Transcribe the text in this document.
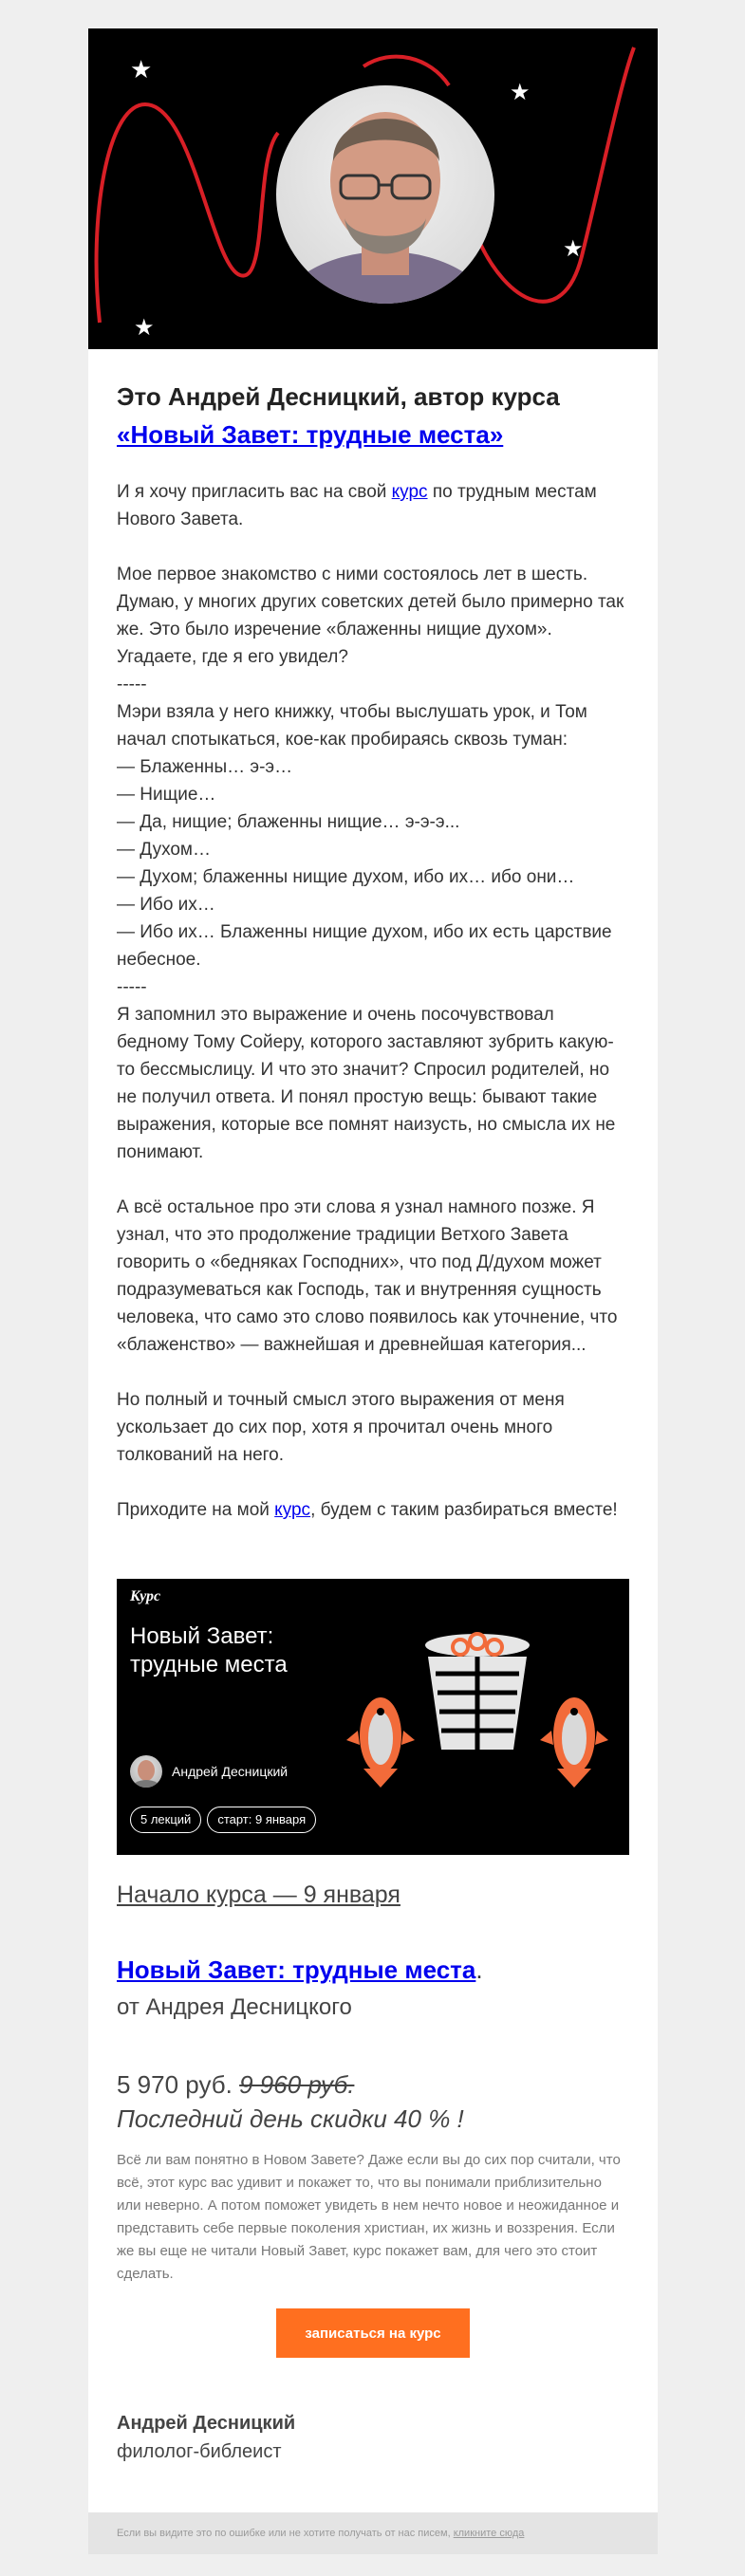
★
★
★
★
Это Андрей Десницкий, автор курса
«Новый Завет: трудные места»

И я хочу пригласить вас на свой курс по трудным местам Нового Завета.

Мое первое знакомство с ними состоялось лет в шесть. Думаю, у многих других советских детей было примерно так же. Это было изречение «блаженны нищие духом». Угадаете, где я его увидел?

-----

Мэри взяла у него книжку, чтобы выслушать урок, и Том начал спотыкаться, кое-как пробираясь сквозь туман:

— Блаженны… э-э…

— Нищие…

— Да, нищие; блаженны нищие… э-э-э...

— Духом…

— Духом; блаженны нищие духом, ибо их… ибо они…

— Ибо их…

— Ибо их… Блаженны нищие духом, ибо их есть царствие небесное.

-----

Я запомнил это выражение и очень посочувствовал бедному Тому Сойеру, которого заставляют зубрить какую-то бессмыслицу. И что это значит? Спросил родителей, но не получил ответа. И понял простую вещь: бывают такие выражения, которые все помнят наизусть, но смысла их не понимают.

А всё остальное про эти слова я узнал намного позже. Я узнал, что это продолжение традиции Ветхого Завета говорить о «бедняках Господних», что под Д/духом может подразумеваться как Господь, так и внутренняя сущность человека, что само это слово появилось как уточнение, что «блаженство» — важнейшая и древнейшая категория...

Но полный и точный смысл этого выражения от меня ускользает до сих пор, хотя я прочитал очень много толкований на него.

Приходите на мой курс, будем с таким разбираться вместе!

Курс
Новый Завет: трудные места
Андрей Десницкий
5 лекций	старт: 9 января
Начало курса — 9 января
Новый Завет: трудные места.
от Андрея Десницкого
5 970 руб. 9 960 руб.
Последний день скидки 40 % !
Всё ли вам понятно в Новом Завете? Даже если вы до сих пор считали, что всё, этот курс вас удивит и покажет то, что вы понимали приблизительно или неверно. А потом поможет увидеть в нем нечто новое и неожиданное и представить себе первые поколения христиан, их жизнь и воззрения. Если же вы еще не читали Новый Завет, курс покажет вам, для чего это стоит сделать.
записаться на курс
Андрей Десницкий
филолог-библеист
Если вы видите это по ошибке или не хотите получать от нас писем, кликните сюда
